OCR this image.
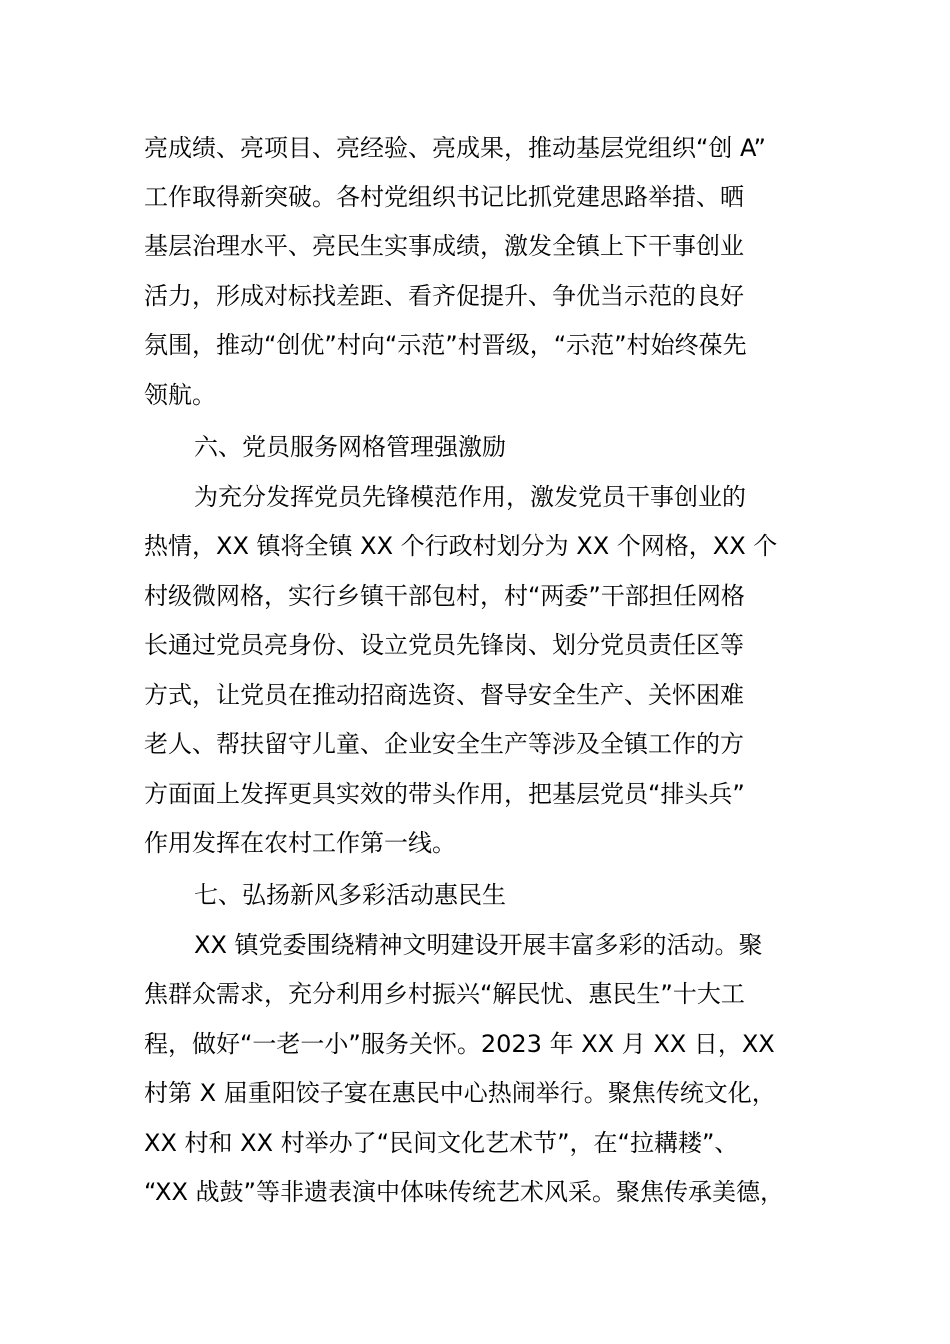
亮成绩、亮项目、亮经验、亮成果，推动基层党组织“创 A”
工作取得新突破。各村党组织书记比抓党建思路举措、晒
基层治理水平、亮民生实事成绩，激发全镇上下干事创业
活力，形成对标找差距、看齐促提升、争优当示范的良好
氛围，推动“创优”村向“示范”村晋级，“示范”村始终葆先
领航。
六、党员服务网格管理强激励
为充分发挥党员先锋模范作用，激发党员干事创业的
热情，XX 镇将全镇 XX 个行政村划分为 XX 个网格，XX 个
村级微网格，实行乡镇干部包村，村“两委”干部担任网格
长通过党员亮身份、设立党员先锋岗、划分党员责任区等
方式，让党员在推动招商选资、督导安全生产、关怀困难
老人、帮扶留守儿童、企业安全生产等涉及全镇工作的方
方面面上发挥更具实效的带头作用，把基层党员“排头兵”
作用发挥在农村工作第一线。
七、弘扬新风多彩活动惠民生
XX 镇党委围绕精神文明建设开展丰富多彩的活动。聚
焦群众需求，充分利用乡村振兴“解民忧、惠民生”十大工
程，做好“一老一小”服务关怀。2023 年 XX 月 XX 日，XX
村第 X 届重阳饺子宴在惠民中心热闹举行。聚焦传统文化，
XX 村和 XX 村举办了“民间文化艺术节”，在“拉耩耧”、
“XX 战鼓”等非遗表演中体味传统艺术风采。聚焦传承美德，
